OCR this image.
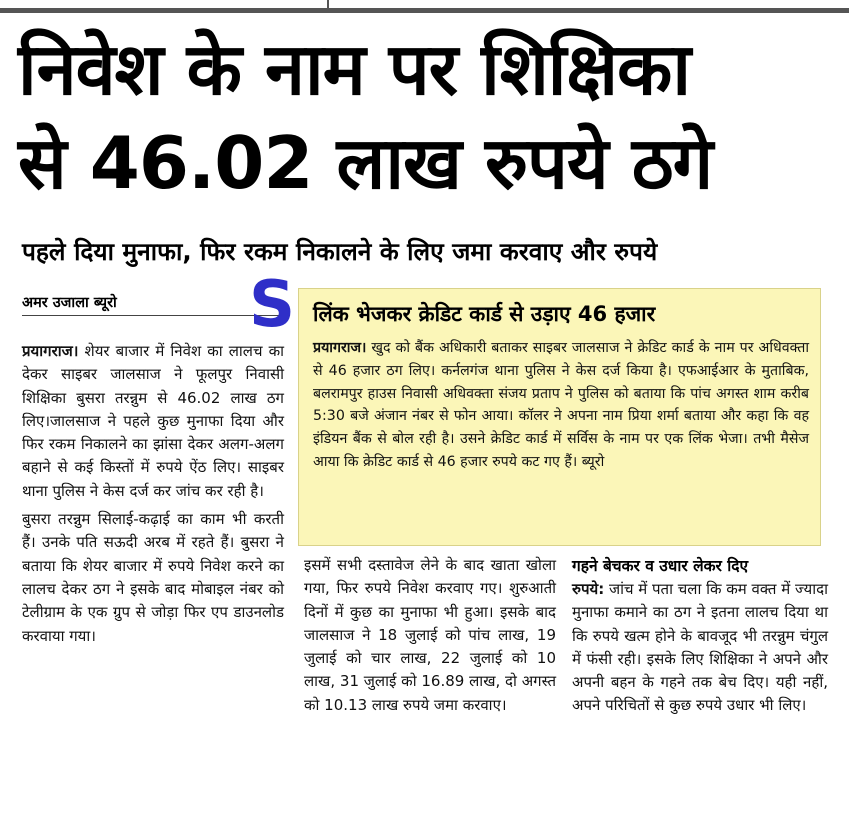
निवेश के नाम पर शिक्षिका
से 46.02 लाख रुपये ठगे
पहले दिया मुनाफा, फिर रकम निकालने के लिए जमा करवाए और रुपये
अमर उजाला ब्यूरो S

प्रयागराज। शेयर बाजार में निवेश का लालच का देकर साइबर जालसाज ने फूलपुर निवासी शिक्षिका बुसरा तरन्नुम से 46.02 लाख ठग लिए।जालसाज ने पहले कुछ मुनाफा दिया और फिर रकम निकालने का झांसा देकर अलग-अलग बहाने से कई किस्तों में रुपये ऐंठ लिए। साइबर थाना पुलिस ने केस दर्ज कर जांच कर रही है।

बुसरा तरन्नुम सिलाई-कढ़ाई का काम भी करती हैं। उनके पति सऊदी अरब में रहते हैं। बुसरा ने बताया कि शेयर बाजार में रुपये निवेश करने का लालच देकर ठग ने इसके बाद मोबाइल नंबर को टेलीग्राम के एक ग्रुप से जोड़ा फिर एप डाउनलोड करवाया गया।

लिंक भेजकर क्रेडिट कार्ड से उड़ाए 46 हजार
प्रयागराज। खुद को बैंक अधिकारी बताकर साइबर जालसाज ने क्रेडिट कार्ड के नाम पर अधिवक्ता से 46 हजार ठग लिए। कर्नलगंज थाना पुलिस ने केस दर्ज किया है। एफआईआर के मुताबिक, बलरामपुर हाउस निवासी अधिवक्ता संजय प्रताप ने पुलिस को बताया कि पांच अगस्त शाम करीब 5:30 बजे अंजान नंबर से फोन आया। कॉलर ने अपना नाम प्रिया शर्मा बताया और कहा कि वह इंडियन बैंक से बोल रही है। उसने क्रेडिट कार्ड में सर्विस के नाम पर एक लिंक भेजा। तभी मैसेज आया कि क्रेडिट कार्ड से 46 हजार रुपये कट गए हैं। ब्यूरो

इसमें सभी दस्तावेज लेने के बाद खाता खोला गया, फिर रुपये निवेश करवाए गए। शुरुआती दिनों में कुछ का मुनाफा भी हुआ। इसके बाद जालसाज ने 18 जुलाई को पांच लाख, 19 जुलाई को चार लाख, 22 जुलाई को 10 लाख, 31 जुलाई को 16.89 लाख, दो अगस्त को 10.13 लाख रुपये जमा करवाए।

गहने बेचकर व उधार लेकर दिए

रुपये: जांच में पता चला कि कम वक्त में ज्यादा मुनाफा कमाने का ठग ने इतना लालच दिया था कि रुपये खत्म होने के बावजूद भी तरन्नुम चंगुल में फंसी रही। इसके लिए शिक्षिका ने अपने और अपनी बहन के गहने तक बेच दिए। यही नहीं, अपने परिचितों से कुछ रुपये उधार भी लिए।
